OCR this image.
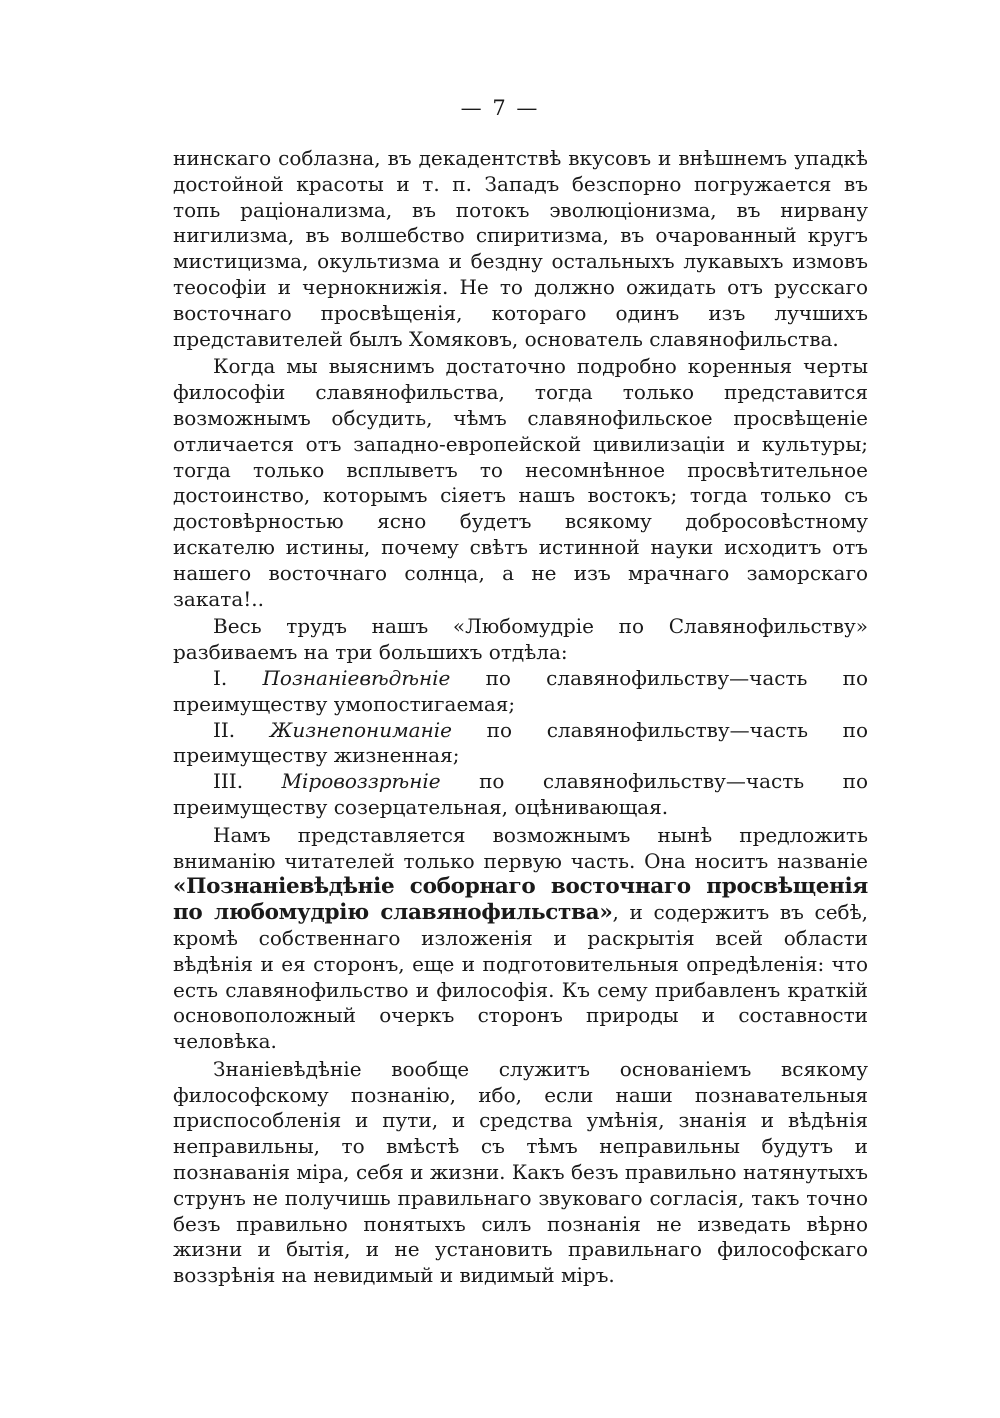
— 7 —

нинскаго соблазна, въ декадентствѣ вкусовъ и внѣшнемъ упадкѣ достойной красоты и т. п. Западъ безспорно погружается въ топь раціонализма, въ потокъ эволюціонизма, въ нирвану нигилизма, въ волшебство спиритизма, въ очарованный кругъ мистицизма, окультизма и бездну остальныхъ лукавыхъ измовъ теософіи и чернокнижія. Не то должно ожидать отъ русскаго восточнаго просвѣщенія, котораго одинъ изъ лучшихъ представителей былъ Хомяковъ, основатель славянофильства.

Когда мы выяснимъ достаточно подробно коренныя черты философіи славянофильства, тогда только представится возможнымъ обсудить, чѣмъ славянофильское просвѣщеніе отличается отъ западно-европейской цивилизаціи и культуры; тогда только всплыветъ то несомнѣнное просвѣтительное достоинство, которымъ сіяетъ нашъ востокъ; тогда только съ достовѣрностью ясно будетъ всякому добросовѣстному искателю истины, почему свѣтъ истинной науки исходитъ отъ нашего восточнаго солнца, а не изъ мрачнаго заморскаго заката!..

Весь трудъ нашъ «Любомудріе по Славянофильству» разбиваемъ на три большихъ отдѣла:

I. Познаніевѣдѣніе по славянофильству—часть по преимуществу умопостигаемая;

II. Жизнепониманіе по славянофильству—часть по преимуществу жизненная;

III. Міровоззрѣніе по славянофильству—часть по преимуществу созерцательная, оцѣнивающая.

Намъ представляется возможнымъ нынѣ предложить вниманію читателей только первую часть. Она носитъ названіе «Познаніевѣдѣніе соборнаго восточнаго просвѣщенія по любомудрію славянофильства», и содержитъ въ себѣ, кромѣ собственнаго изложенія и раскрытія всей области вѣдѣнія и ея сторонъ, еще и подготовительныя опредѣленія: что есть славянофильство и философія. Къ сему прибавленъ краткій основоположный очеркъ сторонъ природы и составности человѣка.

Знаніевѣдѣніе вообще служитъ основаніемъ всякому философскому познанію, ибо, если наши познавательныя приспособленія и пути, и средства умѣнія, знанія и вѣдѣнія неправильны, то вмѣстѣ съ тѣмъ неправильны будутъ и познаванія міра, себя и жизни. Какъ безъ правильно натянутыхъ струнъ не получишь правильнаго звуковаго согласія, такъ точно безъ правильно понятыхъ силъ познанія не изведать вѣрно жизни и бытія, и не установить правильнаго философскаго воззрѣнія на невидимый и видимый міръ.
